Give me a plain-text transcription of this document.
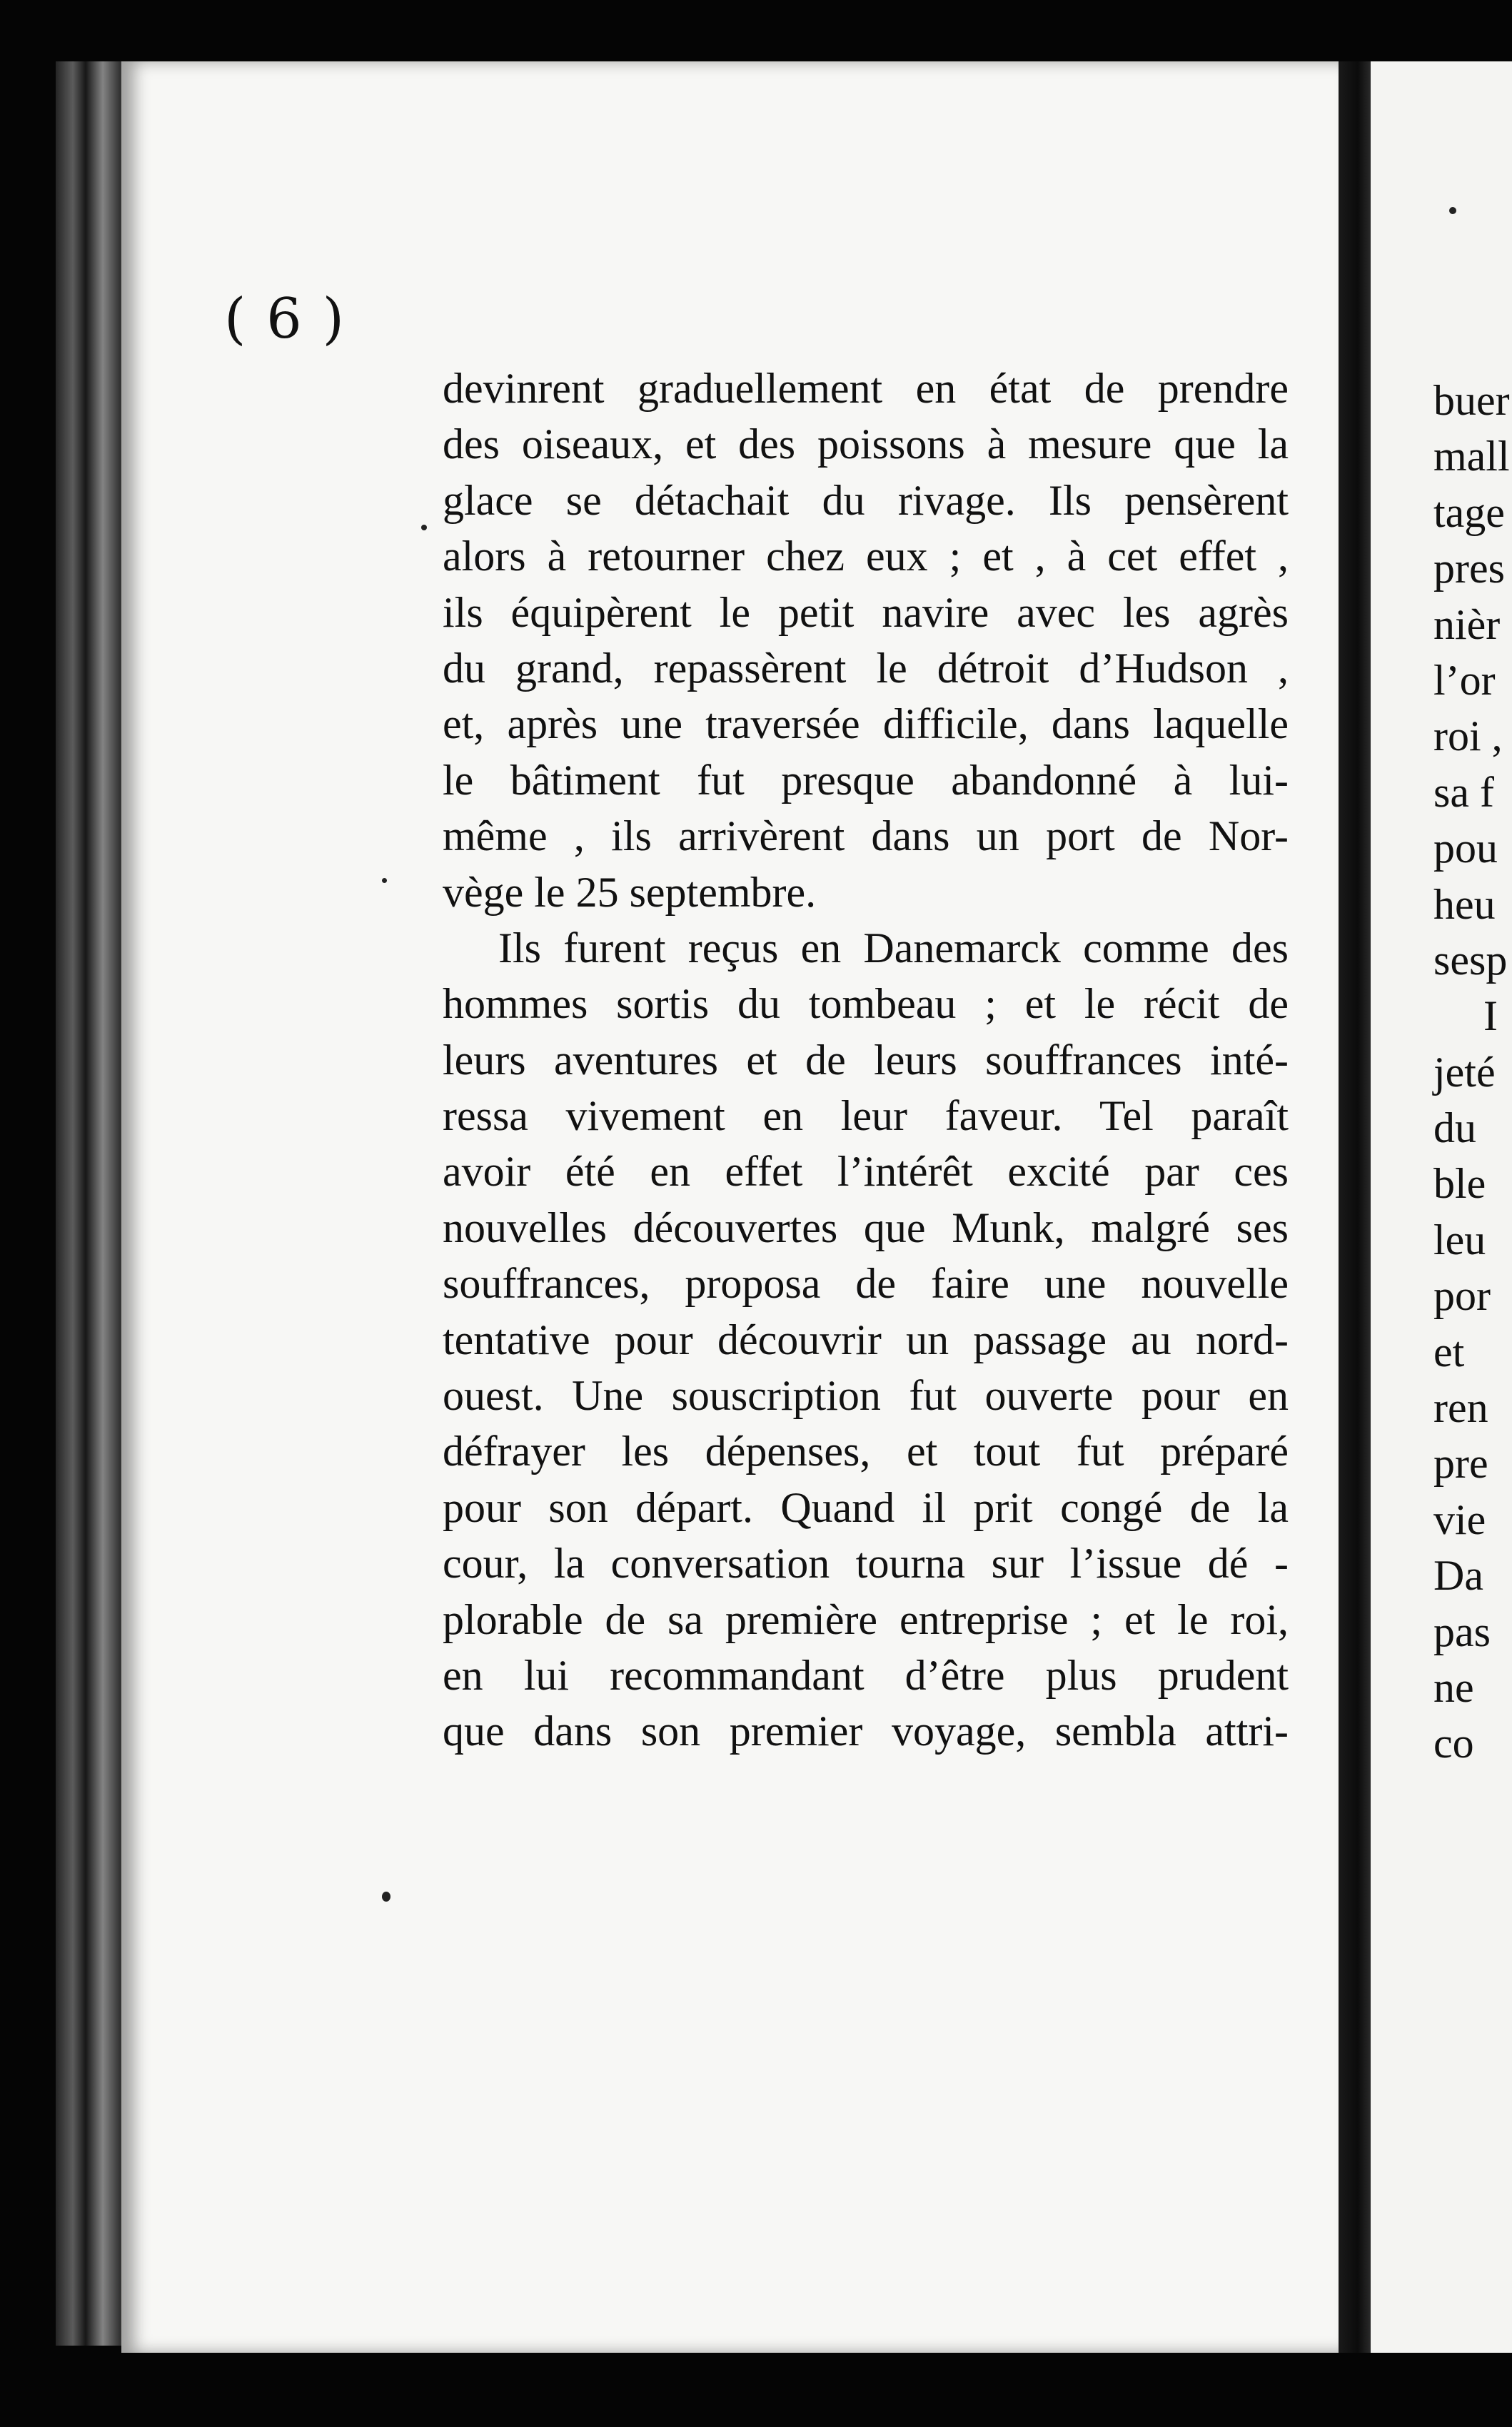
( 6 )
devinrent graduellement en état de prendre
des oiseaux, et des poissons à mesure que la
glace se détachait du rivage. Ils pensèrent
alors à retourner chez eux ; et , à cet effet ,
ils équipèrent le petit navire avec les agrès
du grand, repassèrent le détroit d’Hudson ,
et, après une traversée difficile, dans laquelle
le bâtiment fut presque abandonné à lui-
même , ils arrivèrent dans un port de Nor-
vège le 25 septembre.
Ils furent reçus en Danemarck comme des
hommes sortis du tombeau ; et le récit de
leurs aventures et de leurs souffrances inté-
ressa vivement en leur faveur. Tel paraît
avoir été en effet l’intérêt excité par ces
nouvelles découvertes que Munk, malgré ses
souffrances, proposa de faire une nouvelle
tentative pour découvrir un passage au nord-
ouest. Une souscription fut ouverte pour en
défrayer les dépenses, et tout fut préparé
pour son départ. Quand il prit congé de la
cour, la conversation tourna sur l’issue dé -
plorable de sa première entreprise ; et le roi,
en lui recommandant d’être plus prudent
que dans son premier voyage, sembla attri-
buer
mall
tage
pres
nièr
l’or
roi ,
sa f
pou
heu
sesp
I
jeté
du
ble
leu
por
et
ren
pre
vie
Da
pas
ne
co
